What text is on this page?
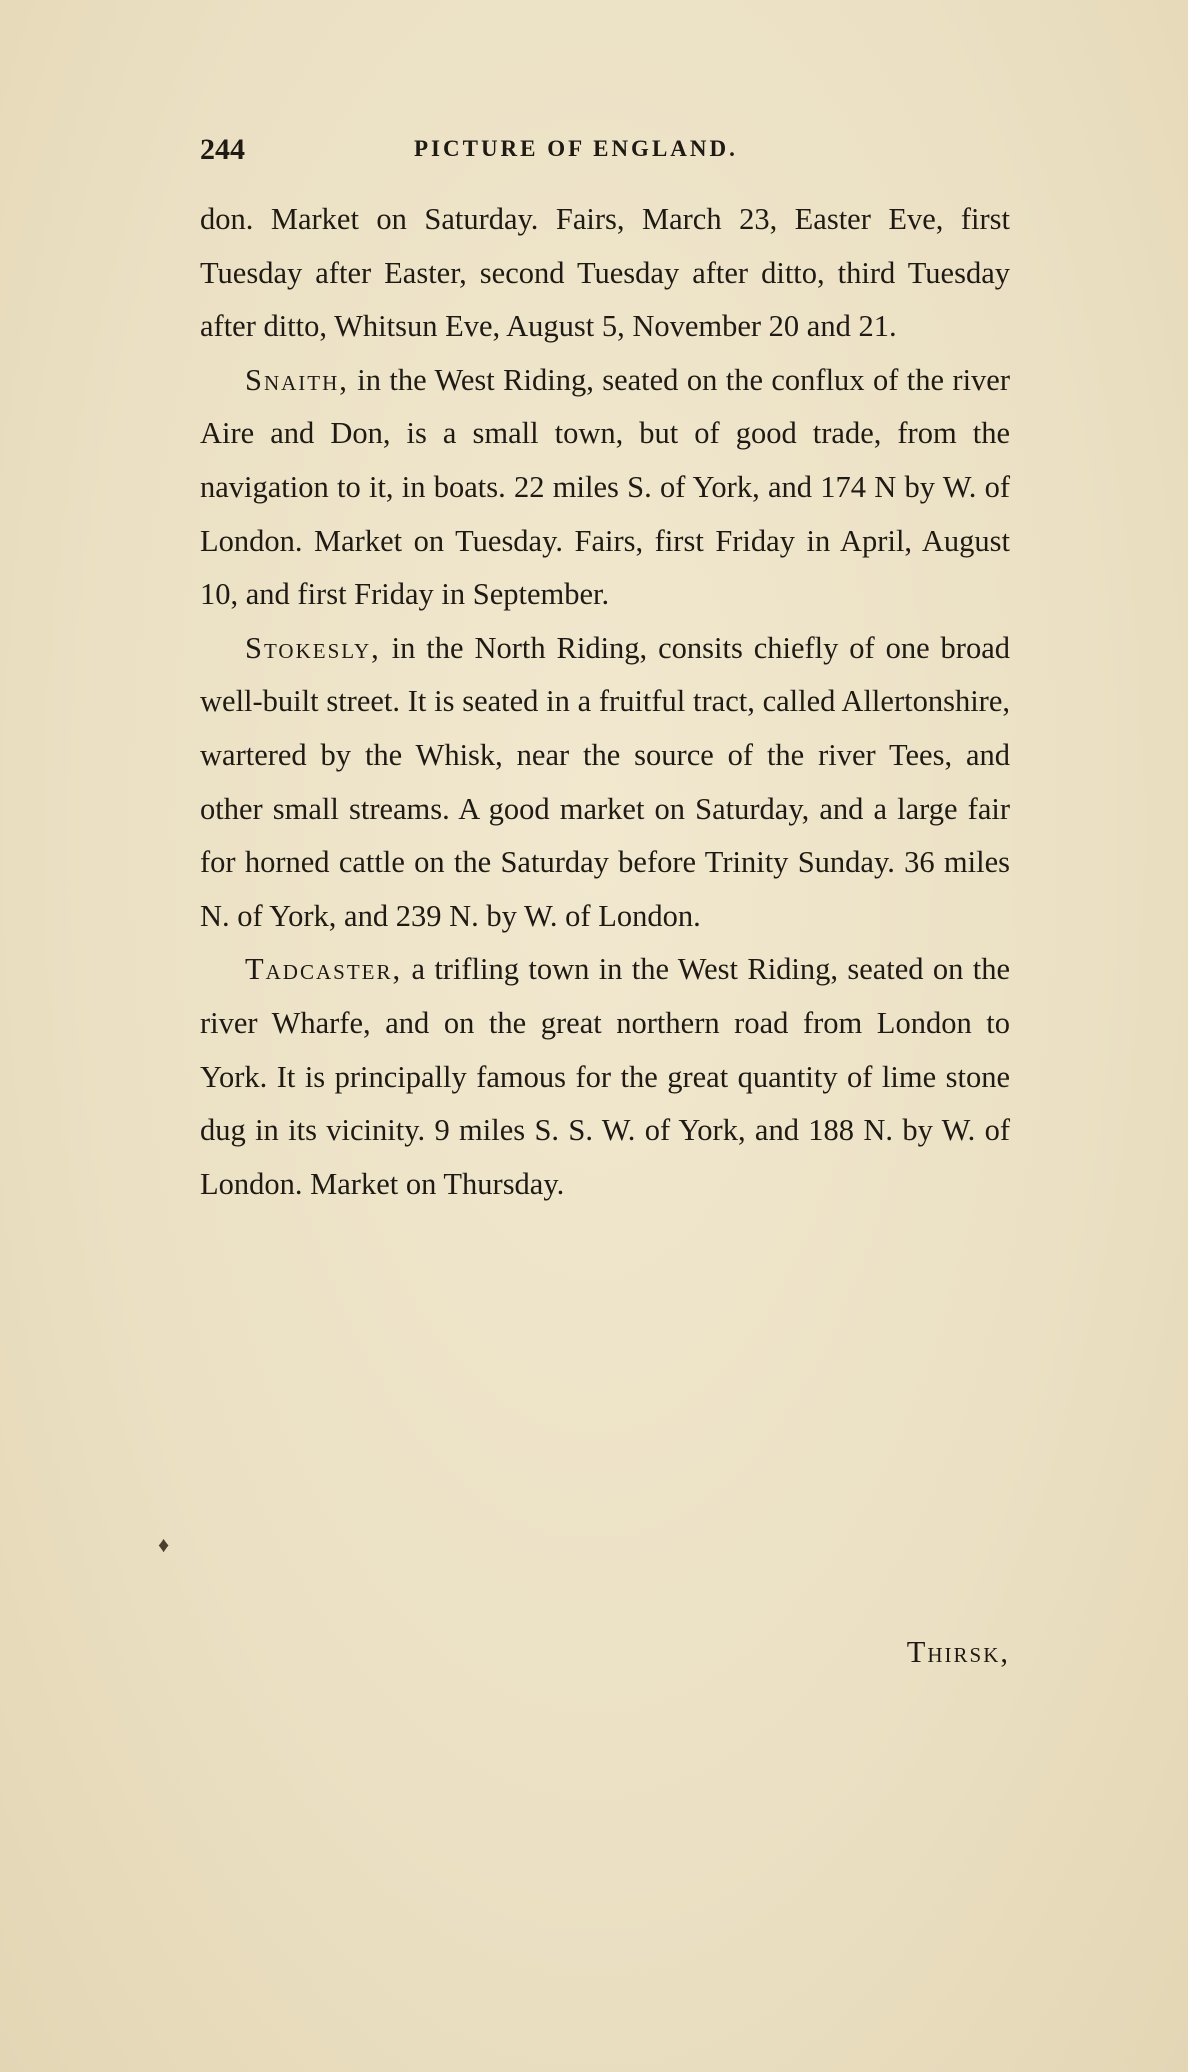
244	PICTURE OF ENGLAND.

don. Market on Saturday. Fairs, March 23, Easter Eve, first Tuesday after Easter, second Tuesday after ditto, third Tuesday after ditto, Whitsun Eve, August 5, November 20 and 21.

Snaith, in the West Riding, seated on the conflux of the river Aire and Don, is a small town, but of good trade, from the navigation to it, in boats. 22 miles S. of York, and 174 N by W. of London. Market on Tuesday. Fairs, first Friday in April, August 10, and first Friday in September.

Stokesly, in the North Riding, consits chiefly of one broad well-built street. It is seated in a fruitful tract, called Allertonshire, wartered by the Whisk, near the source of the river Tees, and other small streams. A good market on Saturday, and a large fair for horned cattle on the Saturday before Trinity Sunday. 36 miles N. of York, and 239 N. by W. of London.

Tadcaster, a trifling town in the West Riding, seated on the river Wharfe, and on the great northern road from London to York. It is principally famous for the great quantity of lime stone dug in its vicinity. 9 miles S. S. W. of York, and 188 N. by W. of London. Market on Thursday.

♦
Thirsk,
